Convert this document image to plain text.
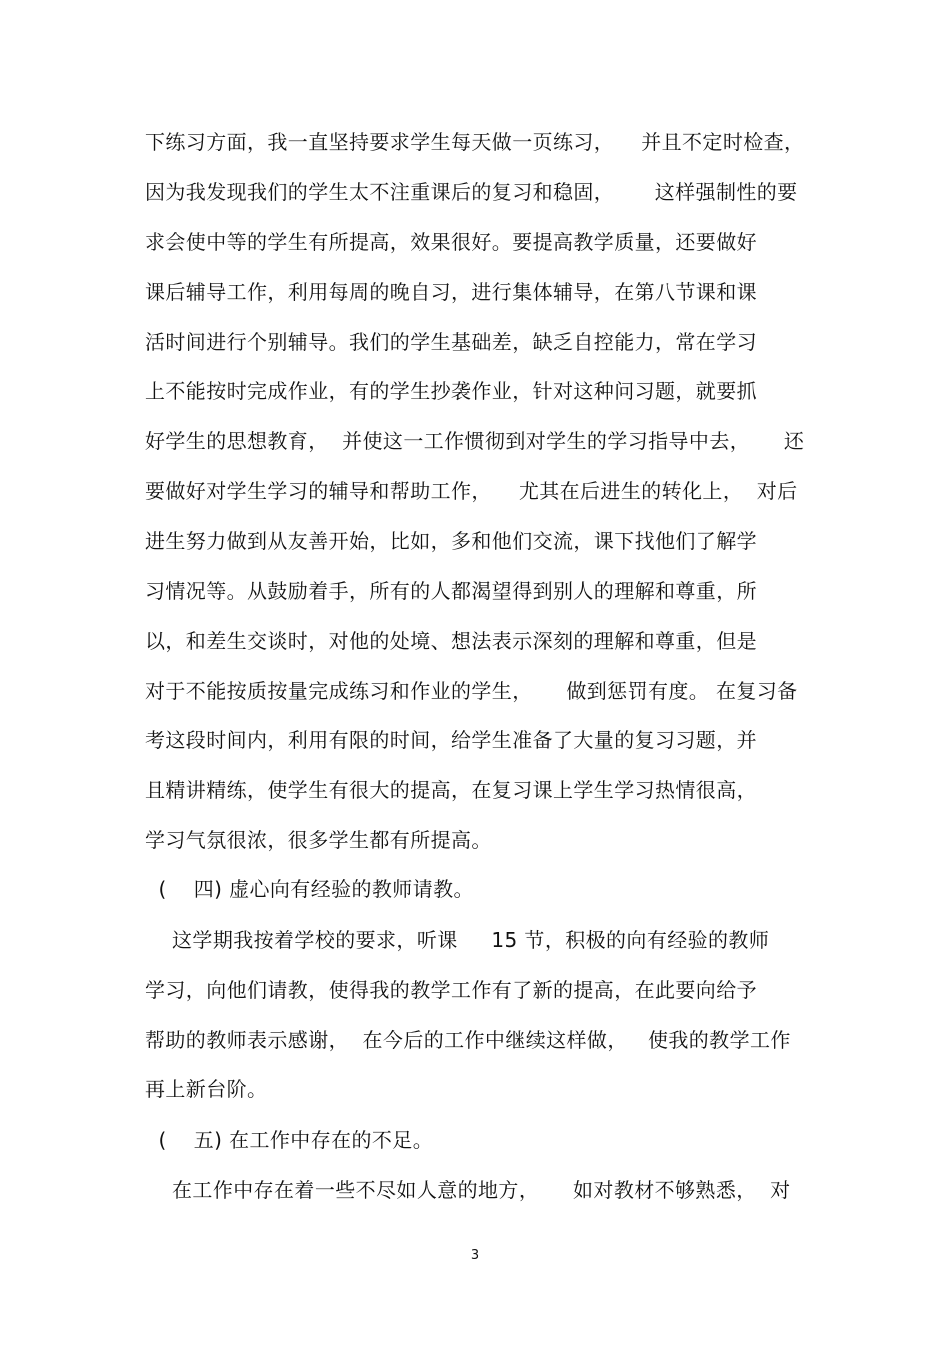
下练习方面，我一直坚持要求学生每天做一页练习，    并且不定时检查，
因为我发现我们的学生太不注重课后的复习和稳固，      这样强制性的要
求会使中等的学生有所提高，效果很好。要提高教学质量，还要做好
课后辅导工作，利用每周的晚自习，进行集体辅导，在第八节课和课
活时间进行个别辅导。我们的学生基础差，缺乏自控能力，常在学习
上不能按时完成作业，有的学生抄袭作业，针对这种问习题，就要抓
好学生的思想教育，  并使这一工作惯彻到对学生的学习指导中去，     还
要做好对学生学习的辅导和帮助工作，    尤其在后进生的转化上，  对后
进生努力做到从友善开始，比如，多和他们交流，课下找他们了解学
习情况等。从鼓励着手，所有的人都渴望得到别人的理解和尊重，所
以，和差生交谈时，对他的处境、想法表示深刻的理解和尊重，但是
对于不能按质按量完成练习和作业的学生，     做到惩罚有度。 在复习备
考这段时间内，利用有限的时间，给学生准备了大量的复习习题，并
且精讲精练，使学生有很大的提高，在复习课上学生学习热情很高，
学习气氛很浓，很多学生都有所提高。
(    四) 虚心向有经验的教师请教。
这学期我按着学校的要求，听课     15 节，积极的向有经验的教师
学习，向他们请教，使得我的教学工作有了新的提高，在此要向给予
帮助的教师表示感谢，  在今后的工作中继续这样做，   使我的教学工作
再上新台阶。
(    五) 在工作中存在的不足。
在工作中存在着一些不尽如人意的地方，     如对教材不够熟悉，  对
3
